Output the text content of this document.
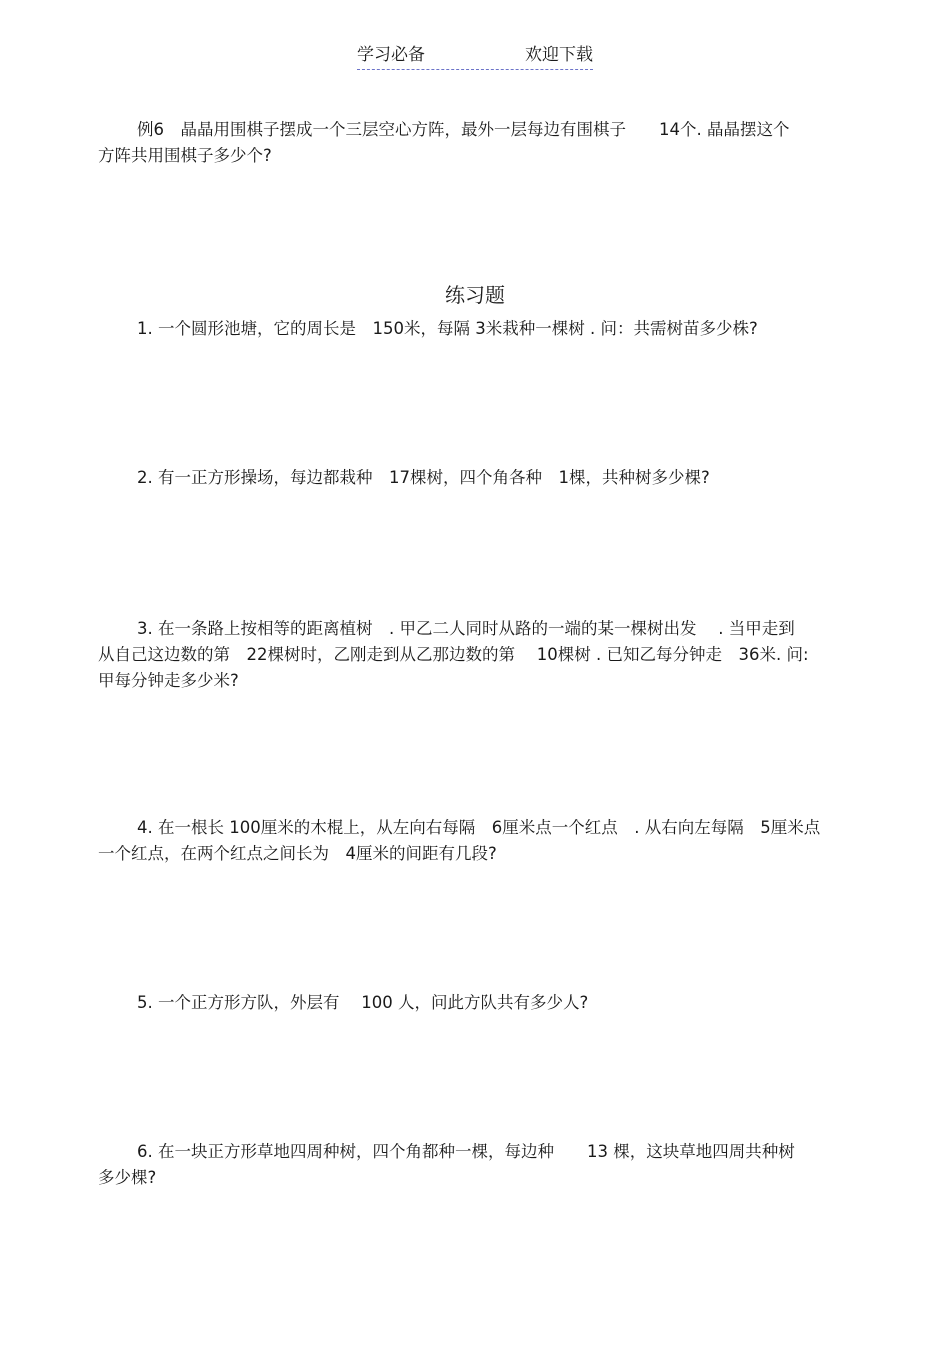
学习必备	欢迎下载
例6　晶晶用围棋子摆成一个三层空心方阵，最外一层每边有围棋子　　14个. 晶晶摆这个
方阵共用围棋子多少个?
练习题
1. 一个圆形池塘，它的周长是　150米，每隔 3米栽种一棵树 . 问：共需树苗多少株?
2. 有一正方形操场，每边都栽种　17棵树，四个角各种　1棵，共种树多少棵?
3. 在一条路上按相等的距离植树　. 甲乙二人同时从路的一端的某一棵树出发　 . 当甲走到
从自己这边数的第　22棵树时，乙刚走到从乙那边数的第　 10棵树 . 已知乙每分钟走　36米. 问:
甲每分钟走多少米?
4. 在一根长 100厘米的木棍上，从左向右每隔　6厘米点一个红点　. 从右向左每隔　5厘米点
一个红点，在两个红点之间长为　4厘米的间距有几段?
5. 一个正方形方队，外层有　 100 人，问此方队共有多少人?
6. 在一块正方形草地四周种树，四个角都种一棵，每边种　　13 棵，这块草地四周共种树
多少棵?
